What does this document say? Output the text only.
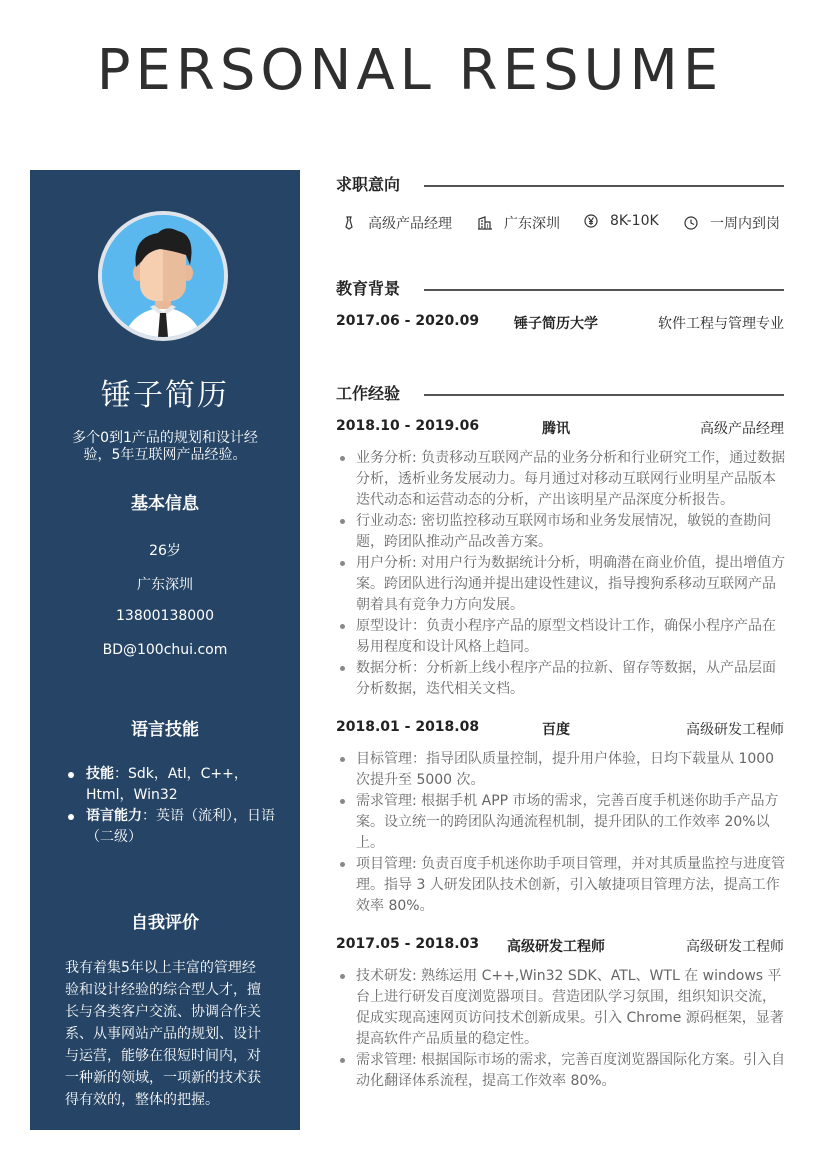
PERSONAL RESUME
锤子简历
多个0到1产品的规划和设计经验，5年互联网产品经验。
基本信息
26岁
广东深圳
13800138000
BD@100chui.com
语言技能
技能：Sdk，Atl，C++，Html，Win32
语言能力：英语（流利），日语（二级）
自我评价
我有着集5年以上丰富的管理经验和设计经验的综合型人才，擅长与各类客户交流、协调合作关系、从事网站产品的规划、设计与运营，能够在很短时间内，对一种新的领域，一项新的技术获得有效的，整体的把握。
求职意向
高级产品经理	广东深圳	8K-10K	一周内到岗
教育背景
2017.06 - 2020.09	锤子简历大学	软件工程与管理专业
工作经验
2018.10 - 2019.06	腾讯	高级产品经理
业务分析: 负责移动互联网产品的业务分析和行业研究工作，通过数据分析，透析业务发展动力。每月通过对移动互联网行业明星产品版本迭代动态和运营动态的分析，产出该明星产品深度分析报告。
行业动态: 密切监控移动互联网市场和业务发展情况，敏锐的查勘问题，跨团队推动产品改善方案。
用户分析: 对用户行为数据统计分析，明确潜在商业价值，提出增值方案。跨团队进行沟通并提出建设性建议，指导搜狗系移动互联网产品朝着具有竞争力方向发展。
原型设计：负责小程序产品的原型文档设计工作，确保小程序产品在易用程度和设计风格上趋同。
数据分析：分析新上线小程序产品的拉新、留存等数据，从产品层面分析数据，迭代相关文档。
2018.01 - 2018.08	百度	高级研发工程师
目标管理：指导团队质量控制，提升用户体验，日均下载量从 1000 次提升至 5000 次。
需求管理: 根据手机 APP 市场的需求，完善百度手机迷你助手产品方案。设立统一的跨团队沟通流程机制，提升团队的工作效率 20%以上。
项目管理: 负责百度手机迷你助手项目管理，并对其质量监控与进度管理。指导 3 人研发团队技术创新，引入敏捷项目管理方法，提高工作效率 80%。
2017.05 - 2018.03	高级研发工程师	高级研发工程师
技术研发: 熟练运用 C++,Win32 SDK、ATL、WTL 在 windows 平台上进行研发百度浏览器项目。营造团队学习氛围，组织知识交流，促成实现高速网页访问技术创新成果。引入 Chrome 源码框架，显著提高软件产品质量的稳定性。
需求管理: 根据国际市场的需求，完善百度浏览器国际化方案。引入自动化翻译体系流程，提高工作效率 80%。
